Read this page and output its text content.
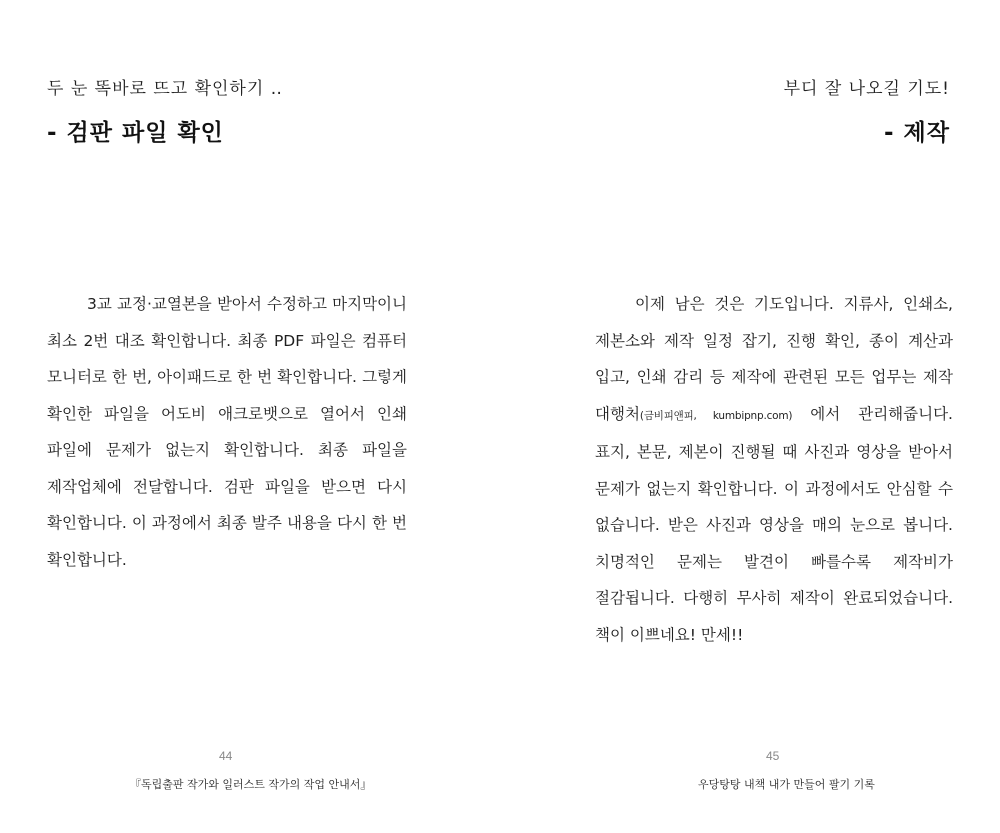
두 눈 똑바로 뜨고 확인하기 ‥
- 검판 파일 확인

3교 교정·교열본을 받아서 수정하고 마지막이니 최소 2번 대조 확인합니다. 최종 PDF 파일은 컴퓨터 모니터로 한 번, 아이패드로 한 번 확인합니다. 그렇게 확인한 파일을 어도비 애크로뱃으로 열어서 인쇄 파일에 문제가 없는지 확인합니다. 최종 파일을 제작업체에 전달합니다. 검판 파일을 받으면 다시 확인합니다. 이 과정에서 최종 발주 내용을 다시 한 번 확인합니다.

44
『독립출판 작가와 일러스트 작가의 작업 안내서』
부디 잘 나오길 기도!
- 제작

이제 남은 것은 기도입니다. 지류사, 인쇄소, 제본소와 제작 일정 잡기, 진행 확인, 종이 계산과 입고, 인쇄 감리 등 제작에 관련된 모든 업무는 제작 대행처(금비피앤피, kumbipnp.com) 에서 관리해줍니다. 표지, 본문, 제본이 진행될 때 사진과 영상을 받아서 문제가 없는지 확인합니다. 이 과정에서도 안심할 수 없습니다. 받은 사진과 영상을 매의 눈으로 봅니다. 치명적인 문제는 발견이 빠를수록 제작비가 절감됩니다. 다행히 무사히 제작이 완료되었습니다. 책이 이쁘네요! 만세!!

45
우당탕탕 내책 내가 만들어 팔기 기록
